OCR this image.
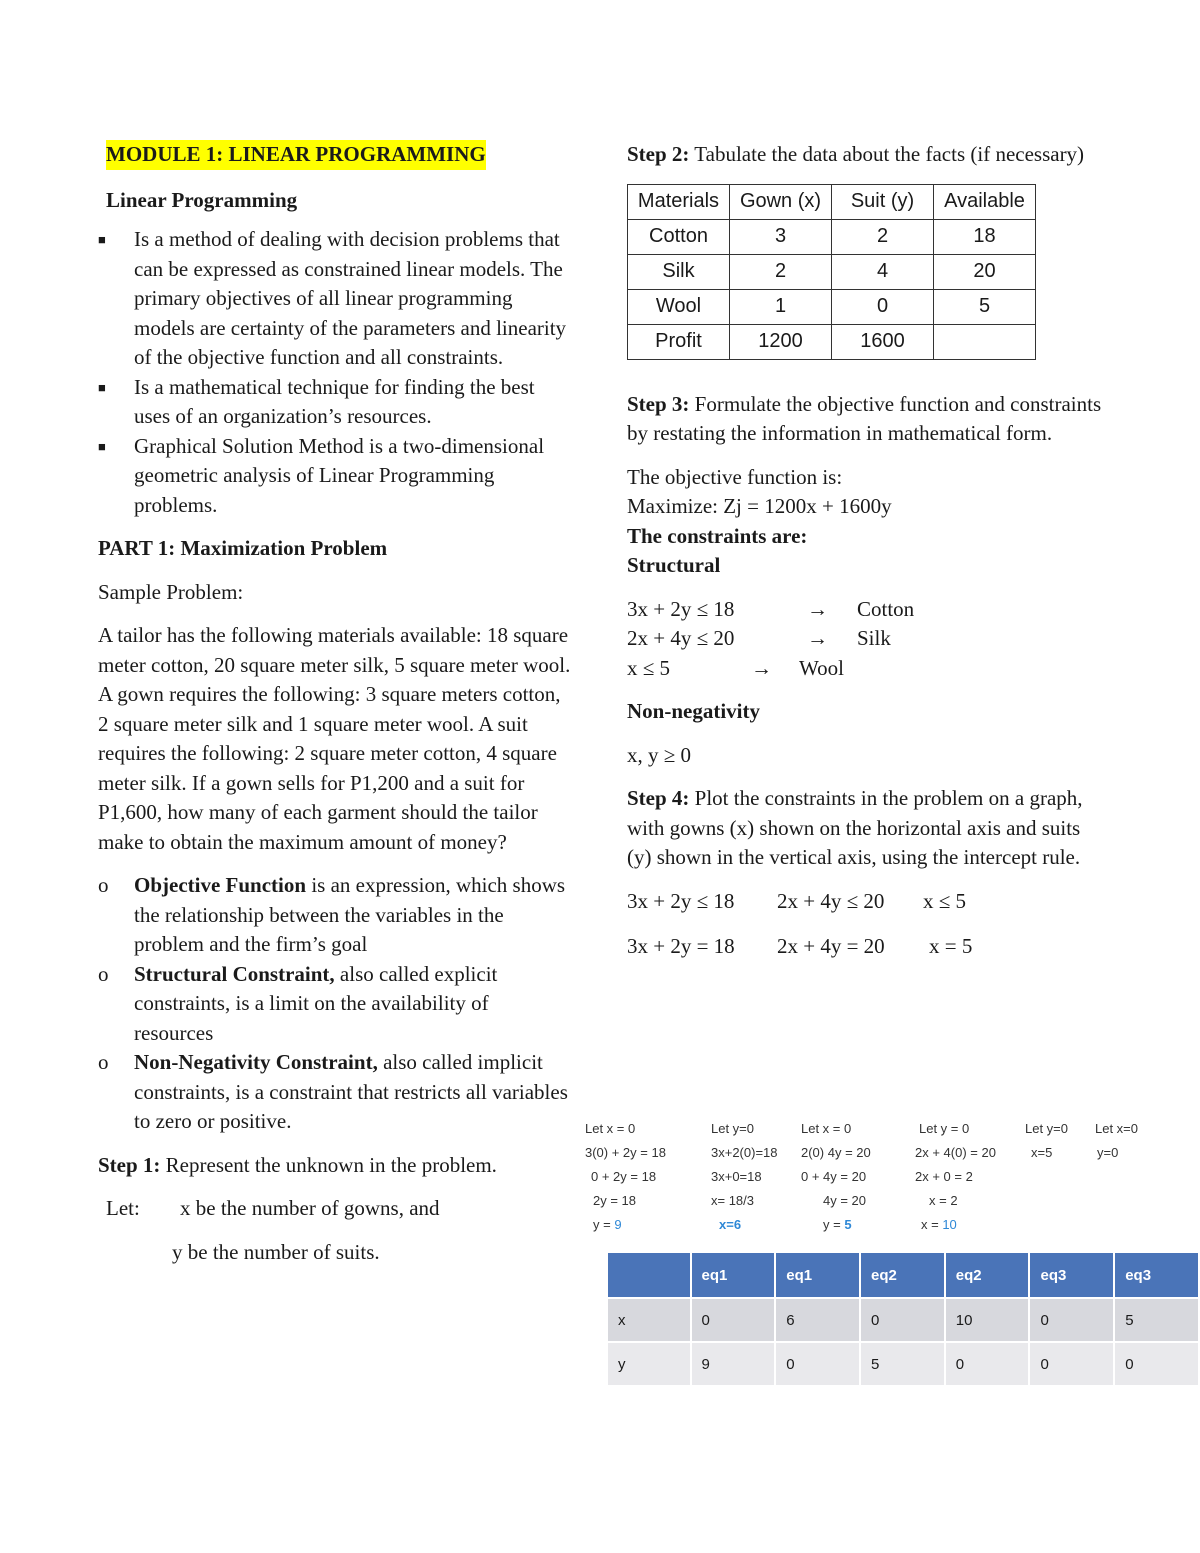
MODULE 1: LINEAR PROGRAMMING

Linear Programming

■ Is a method of dealing with decision problems that can be expressed as constrained linear models. The primary objectives of all linear programming models are certainty of the parameters and linearity of the objective function and all constraints.
■ Is a mathematical technique for finding the best uses of an organization’s resources.
■ Graphical Solution Method is a two-dimensional geometric analysis of Linear Programming problems.

PART 1: Maximization Problem

Sample Problem:

A tailor has the following materials available: 18 square meter cotton, 20 square meter silk, 5 square meter wool. A gown requires the following: 3 square meters cotton, 2 square meter silk and 1 square meter wool. A suit requires the following: 2 square meter cotton, 4 square meter silk. If a gown sells for P1,200 and a suit for P1,600, how many of each garment should the tailor make to obtain the maximum amount of money?

o Objective Function is an expression, which shows the relationship between the variables in the problem and the firm’s goal
o Structural Constraint, also called explicit constraints, is a limit on the availability of resources
o Non-Negativity Constraint, also called implicit constraints, is a constraint that restricts all variables to zero or positive.

Step 1: Represent the unknown in the problem.

Let:	x be the number of gowns, and

y be the number of suits.

Step 2: Tabulate the data about the facts (if necessary)

Materials	Gown (x)	Suit (y)	Available
Cotton	3	2	18
Silk	2	4	20
Wool	1	0	5
Profit	1200	1600	

Step 3: Formulate the objective function and constraints by restating the information in mathematical form.

The objective function is:

Maximize: Zj = 1200x + 1600y

The constraints are:

Structural

3x + 2y ≤ 18	→	Cotton
2x + 4y ≤ 20	→	Silk
x ≤ 5	→	Wool

Non-negativity

x, y ≥ 0

Step 4: Plot the constraints in the problem on a graph, with gowns (x) shown on the horizontal axis and suits (y) shown in the vertical axis, using the intercept rule.

3x + 2y ≤ 18	2x + 4y ≤ 20	x ≤ 5
3x + 2y = 18	2x + 4y = 20	x = 5
Let x = 0
3(0) + 2y = 18
0 + 2y = 18
2y = 18
y = 9
Let y=0
3x+2(0)=18
3x+0=18
x= 18/3
x=6
Let x = 0
2(0) 4y = 20
0 + 4y = 20
4y = 20
y = 5
Let y = 0
2x + 4(0) = 20
2x + 0 = 2
x = 2
x = 10
Let y=0
x=5
Let x=0
y=0
	eq1	eq1	eq2	eq2	eq3	eq3
x	0	6	0	10	0	5
y	9	0	5	0	0	0
